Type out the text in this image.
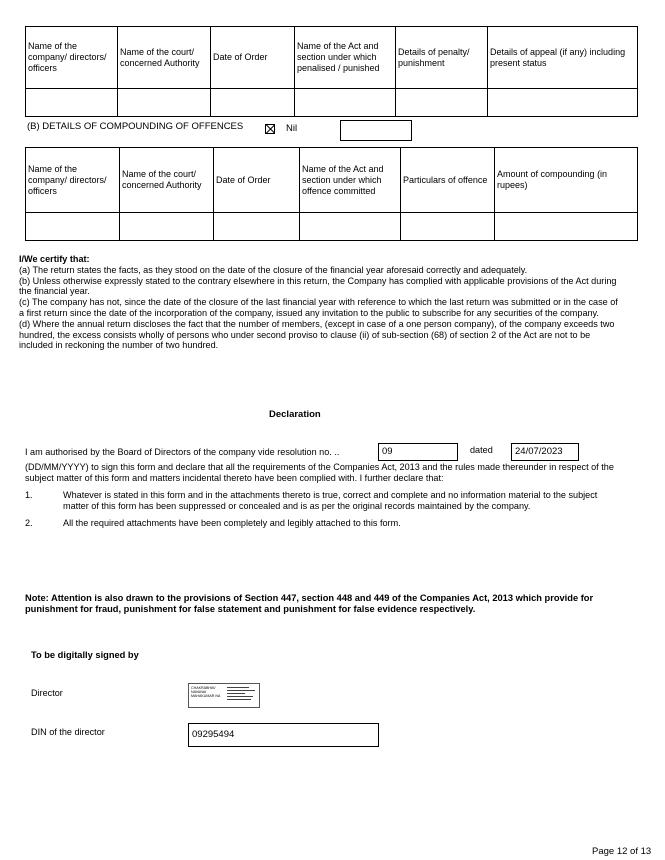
Name of the company/ directors/ officers	Name of the court/ concerned Authority	Date of Order	Name of the Act and section under which penalised / punished	Details of penalty/ punishment	Details of appeal (if any) including present status

(B) DETAILS OF COMPOUNDING OF OFFENCES	Nil
Name of the company/ directors/ officers	Name of the court/ concerned Authority	Date of Order	Name of the Act and section under which offence committed	Particulars of offence	Amount of compounding (in rupees)

I/We certify that:

(a) The return states the facts, as they stood on the date of the closure of the financial year aforesaid correctly and adequately.

(b) Unless otherwise expressly stated to the contrary elsewhere in this return, the Company has complied with applicable provisions of the Act during the financial year.

(c) The company has not, since the date of the closure of the last financial year with reference to which the last return was submitted or in the case of a first return since the date of the incorporation of the company, issued any invitation to the public to subscribe for any securities of the company.

(d) Where the annual return discloses the fact that the number of members, (except in case of a one person company), of the company exceeds two hundred, the excess consists wholly of persons who under second proviso to clause (ii) of sub-section (68) of section 2 of the Act are not to be included in reckoning the number of two hundred.

Declaration
I am authorised by the Board of Directors of the company vide resolution no. ..	09	dated	24/07/2023
(DD/MM/YYYY) to sign this form and declare that all the requirements of the Companies Act, 2013 and the rules made thereunder in respect of the subject matter of this form and matters incidental thereto have been complied with. I further declare that:
1.	Whatever is stated in this form and in the attachments thereto is true, correct and complete and no information material to the subject matter of this form has been suppressed or concealed and is as per the original records maintained by the company.
2.	All the required attachments have been completely and legibly attached to this form.
Note: Attention is also drawn to the provisions of Section 447, section 448 and 449 of the Companies Act, 2013 which provide for punishment for fraud, punishment for false statement and punishment for false evidence respectively.
To be digitally signed by
Director	CHAKRABHAV NAVANAI MAHAKUMAR NA
DIN of the director	09295494
Page 12 of 13
